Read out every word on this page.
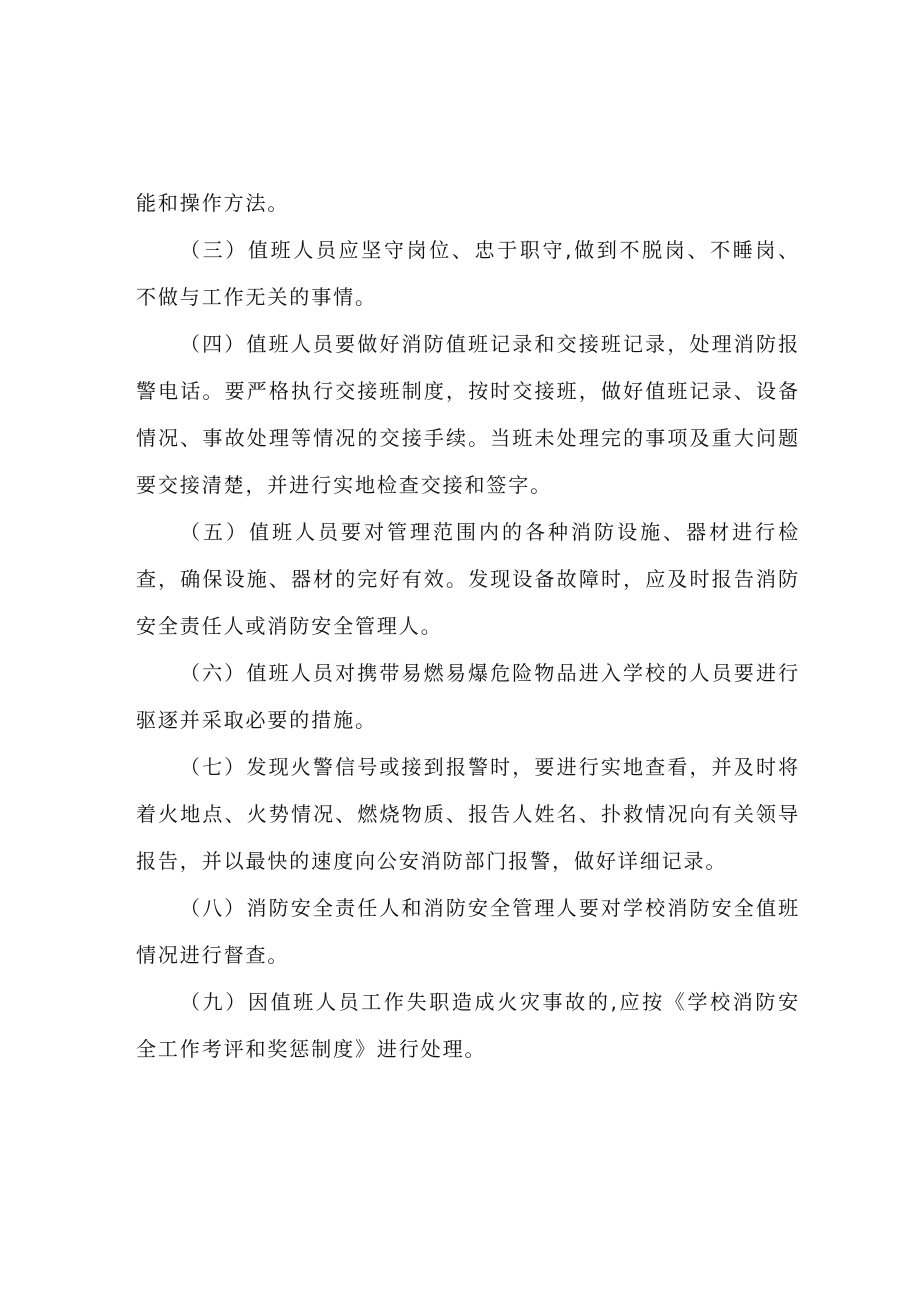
能和操作方法。

（三）值班人员应坚守岗位、忠于职守,做到不脱岗、不睡岗、不做与工作无关的事情。

（四）值班人员要做好消防值班记录和交接班记录，处理消防报警电话。要严格执行交接班制度，按时交接班，做好值班记录、设备情况、事故处理等情况的交接手续。当班未处理完的事项及重大问题要交接清楚，并进行实地检查交接和签字。

（五）值班人员要对管理范围内的各种消防设施、器材进行检查，确保设施、器材的完好有效。发现设备故障时，应及时报告消防安全责任人或消防安全管理人。

（六）值班人员对携带易燃易爆危险物品进入学校的人员要进行驱逐并采取必要的措施。

（七）发现火警信号或接到报警时，要进行实地查看，并及时将着火地点、火势情况、燃烧物质、报告人姓名、扑救情况向有关领导报告，并以最快的速度向公安消防部门报警，做好详细记录。

（八）消防安全责任人和消防安全管理人要对学校消防安全值班情况进行督查。

（九）因值班人员工作失职造成火灾事故的,应按《学校消防安全工作考评和奖惩制度》进行处理。
